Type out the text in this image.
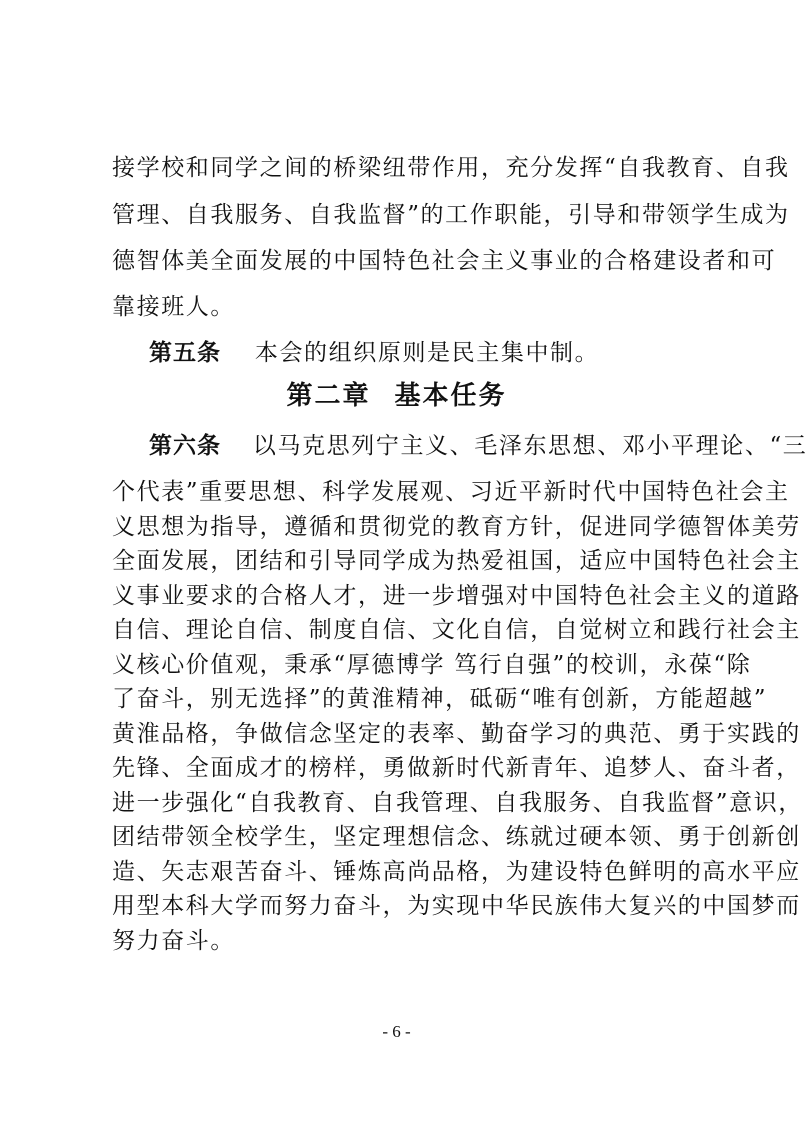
接学校和同学之间的桥梁纽带作用，充分发挥“自我教育、自我
管理、自我服务、自我监督”的工作职能，引导和带领学生成为
德智体美全面发展的中国特色社会主义事业的合格建设者和可
靠接班人。
第五条 本会的组织原则是民主集中制。
第二章 基本任务
第六条 以马克思列宁主义、毛泽东思想、邓小平理论、“三
- 6 -
个代表”重要思想、科学发展观、习近平新时代中国特色社会主
义思想为指导，遵循和贯彻党的教育方针，促进同学德智体美劳
全面发展，团结和引导同学成为热爱祖国，适应中国特色社会主
义事业要求的合格人才，进一步增强对中国特色社会主义的道路
自信、理论自信、制度自信、文化自信，自觉树立和践行社会主
义核心价值观，秉承“厚德博学 笃行自强”的校训，永葆“除
了奋斗，别无选择”的黄淮精神，砥砺“唯有创新，方能超越”
黄淮品格，争做信念坚定的表率、勤奋学习的典范、勇于实践的
先锋、全面成才的榜样，勇做新时代新青年、追梦人、奋斗者，
进一步强化“自我教育、自我管理、自我服务、自我监督”意识，
团结带领全校学生，坚定理想信念、练就过硬本领、勇于创新创
造、矢志艰苦奋斗、锤炼高尚品格，为建设特色鲜明的高水平应
用型本科大学而努力奋斗，为实现中华民族伟大复兴的中国梦而
努力奋斗。
